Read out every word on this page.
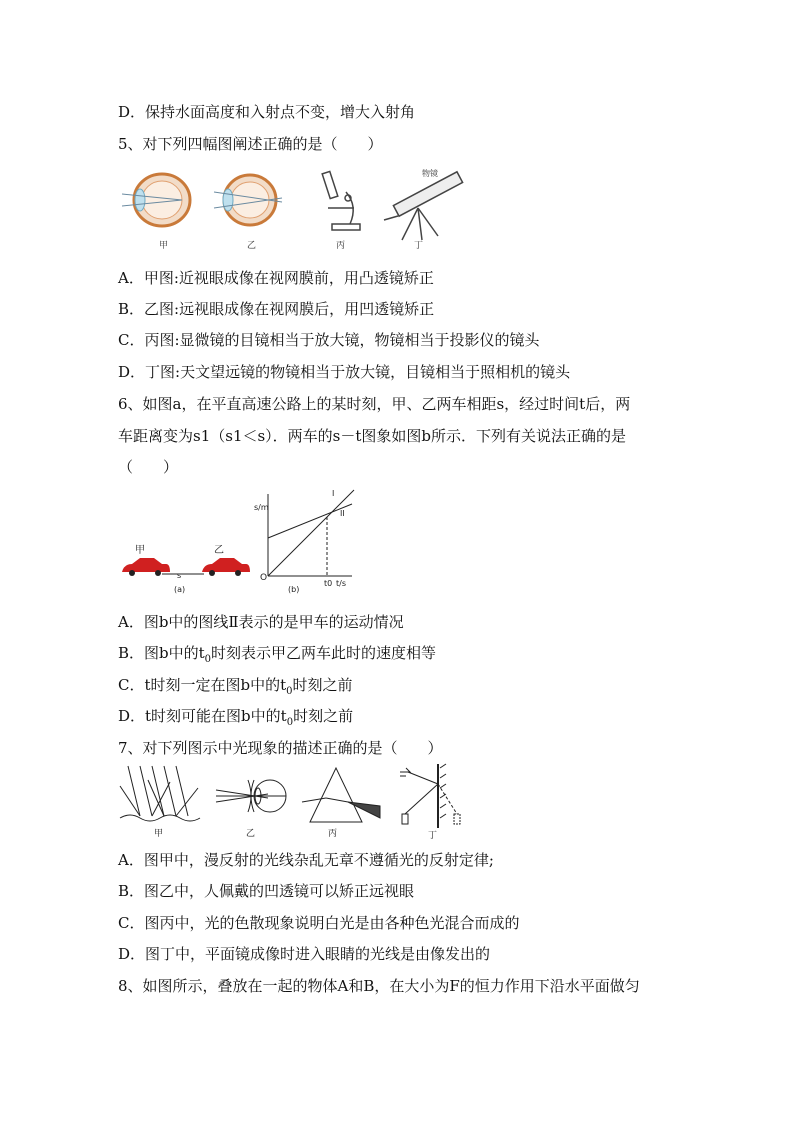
D．保持水面高度和入射点不变，增大入射角
5、对下列四幅图阐述正确的是（　　）
甲	乙	丙
物镜
丁
A．甲图:近视眼成像在视网膜前，用凸透镜矫正
B．乙图:远视眼成像在视网膜后，用凹透镜矫正
C．丙图:显微镜的目镜相当于放大镜，物镜相当于投影仪的镜头
D．丁图:天文望远镜的物镜相当于放大镜，目镜相当于照相机的镜头
6、如图a，在平直高速公路上的某时刻，甲、乙两车相距s，经过时间t后，两
车距离变为s1（s1＜s）．两车的s－t图象如图b所示．下列有关说法正确的是
（　　）
甲	乙
s
(a)
s/m
t/s
O
t0
I
II
(b)
A．图b中的图线Ⅱ表示的是甲车的运动情况
B．图b中的$t_0$时刻表示甲乙两车此时的速度相等
C．t时刻一定在图b中的$t_0$时刻之前
D．t时刻可能在图b中的$t_0$时刻之前
7、对下列图示中光现象的描述正确的是（　　）
甲	乙	丙	丁
A．图甲中，漫反射的光线杂乱无章不遵循光的反射定律;
B．图乙中，人佩戴的凹透镜可以矫正远视眼
C．图丙中，光的色散现象说明白光是由各种色光混合而成的
D．图丁中，平面镜成像时进入眼睛的光线是由像发出的
8、如图所示，叠放在一起的物体A和B，在大小为F的恒力作用下沿水平面做匀
